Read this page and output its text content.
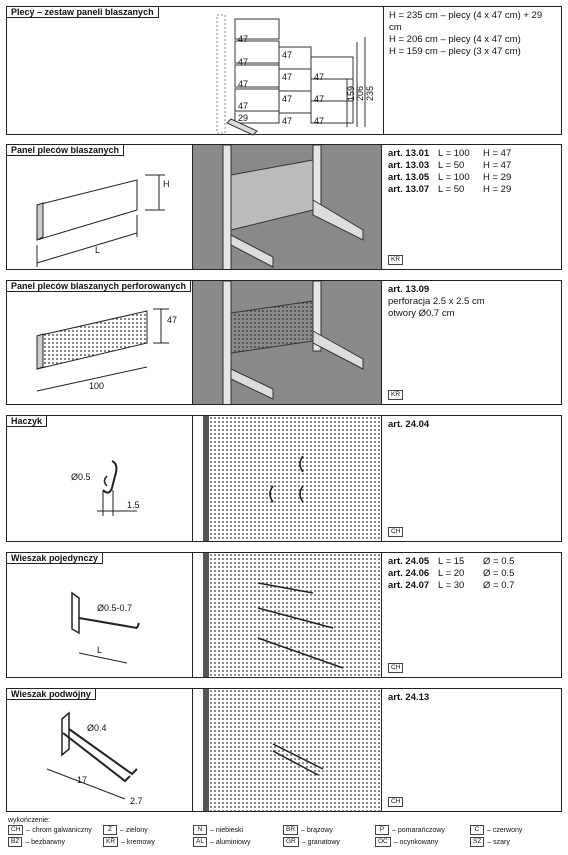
Plecy – zestaw paneli blaszanych
47
47
47
47
47 47
47
47 47
29	47 47
159 206 235
H = 235 cm – plecy (4 x 47 cm) + 29 cm
H = 206 cm – plecy (4 x 47 cm)
H = 159 cm – plecy (3 x 47 cm)
Panel pleców blaszanych
H
L
art. 13.01 L = 100	H = 47
art. 13.03 L = 50	H = 47
art. 13.05 L = 100	H = 29
art. 13.07 L = 50	H = 29
KR
Panel pleców blaszanych perforowanych
47
100
art. 13.09
perforacja 2.5 x 2.5 cm
otwory Ø0.7 cm
KR
Haczyk
Ø0.5
1.5
art. 24.04
CH
Wieszak pojedynczy
Ø0.5-0.7
L
art. 24.05 L = 15	Ø = 0.5
art. 24.06 L = 20	Ø = 0.5
art. 24.07 L = 30	Ø = 0.7
CH
Wieszak podwójny
Ø0.4
17
2.7
art. 24.13
CH
wykończenie:
CH – chrom galwaniczny	Z	– zielony	N	– niebieski	BR – brązowy	P	– pomarańczowy	C	– czerwony
BZ – bezbarwny	KR – kremowy	AL – aluminiowy	GR – granatowy	OC – ocynkowany	SZ – szary
